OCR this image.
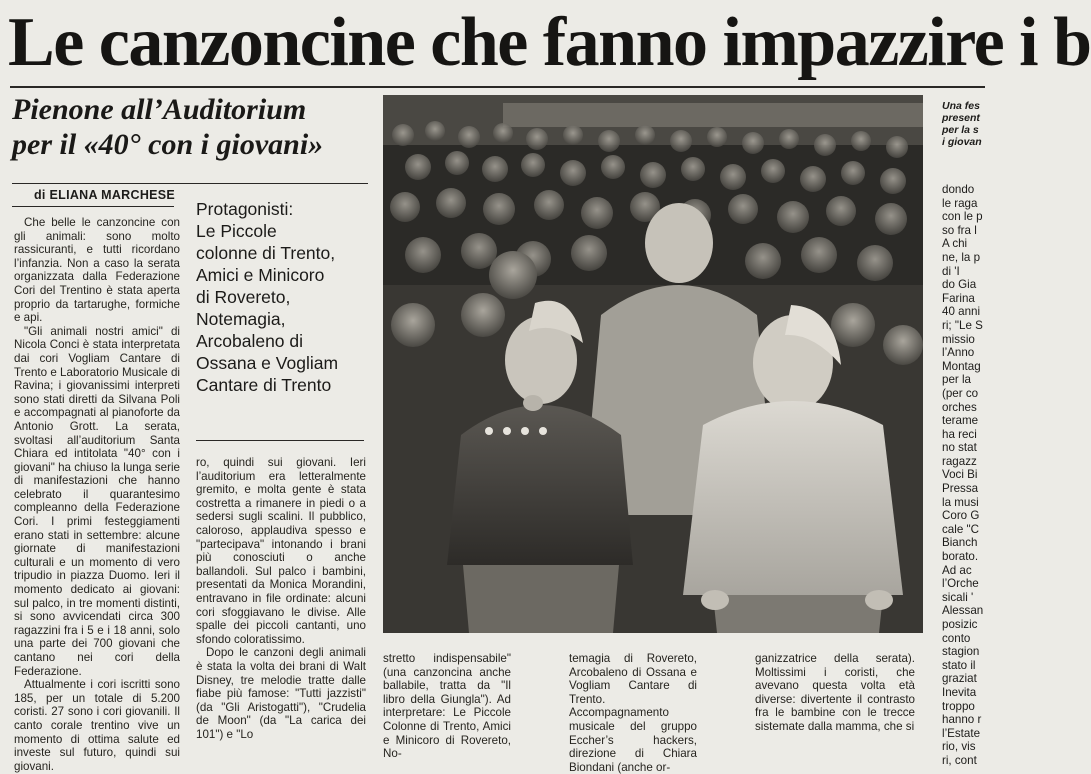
Le canzoncine che fanno impazzire i b
Pienone all’Auditorium
per il «40° con i giovani»
di ELIANA MARCHESE

Che belle le canzoncine con gli animali: sono molto rassicuranti, e tutti ricordano l’infanzia. Non a caso la serata organizzata dalla Federazione Cori del Trentino è stata aperta proprio da tartarughe, formiche e api.

"Gli animali nostri amici" di Nicola Conci è stata interpretata dai cori Vogliam Cantare di Trento e Laboratorio Musicale di Ravina; i giovanissimi interpreti sono stati diretti da Silvana Poli e accompagnati al pianoforte da Antonio Grott. La serata, svoltasi all’auditorium Santa Chiara ed intitolata "40° con i giovani" ha chiuso la lunga serie di manifestazioni che hanno celebrato il quarantesimo compleanno della Federazione Cori. I primi festeggiamenti erano stati in settembre: alcune giornate di manifestazioni culturali e un momento di vero tripudio in piazza Duomo. Ieri il momento dedicato ai giovani: sul palco, in tre momenti distinti, si sono avvicendati circa 300 ragazzini fra i 5 e i 18 anni, solo una parte dei 700 giovani che cantano nei cori della Federazione.

Attualmente i cori iscritti sono 185, per un totale di 5.200 coristi. 27 sono i cori giovanili. Il canto corale trentino vive un momento di ottima salute ed investe sul futuro, quindi sui giovani.

Protagonisti:
Le Piccole
colonne di Trento,
Amici e Minicoro
di Rovereto,
Notemagia,
Arcobaleno di
Ossana e Vogliam
Cantare di Trento

ro, quindi sui giovani. Ieri l’auditorium era letteralmente gremito, e molta gente è stata costretta a rimanere in piedi o a sedersi sugli scalini. Il pubblico, caloroso, applaudiva spesso e "partecipava" intonando i brani più conosciuti o anche ballandoli. Sul palco i bambini, presentati da Monica Morandini, entravano in file ordinate: alcuni cori sfoggiavano le divise. Alle spalle dei piccoli cantanti, uno sfondo coloratissimo.

Dopo le canzoni degli animali è stata la volta dei brani di Walt Disney, tre melodie tratte dalle fiabe più famose: "Tutti jazzisti" (da "Gli Aristogatti"), "Crudelia de Moon" (da "La carica dei 101") e "Lo

stretto indispensabile" (una canzoncina anche ballabile, tratta da "Il libro della Giungla"). Ad interpretare: Le Piccole Colonne di Trento, Amici e Minicoro di Rovereto, No-
temagia di Rovereto, Arcobaleno di Ossana e Vogliam Cantare di Trento. Accompagnamento musicale del gruppo Eccher’s hackers, direzione di Chiara Biondani (anche or-
ganizzatrice della serata). Moltissimi i coristi, che avevano questa volta età diverse: divertente il contrasto fra le bambine con le trecce sistemate dalla mamma, che si
Una fes
present
per la s
i giovan
dondo
le raga
con le p
so fra l
A chi
ne, la p
di 'I
do Gia
Farina
40 anni
ri; "Le S
missio
l’Anno
Montag
per la
(per co
orches
terame
ha reci
no stat
ragazz
Voci Bi
Pressa
la musi
Coro G
cale "C
Bianch
borato.
Ad ac
l’Orche
sicali '
Alessan
posizic
conto
stagion
stato il
graziat
Inevita
troppo
hanno r
l’Estate
rio, vis
ri, cont
